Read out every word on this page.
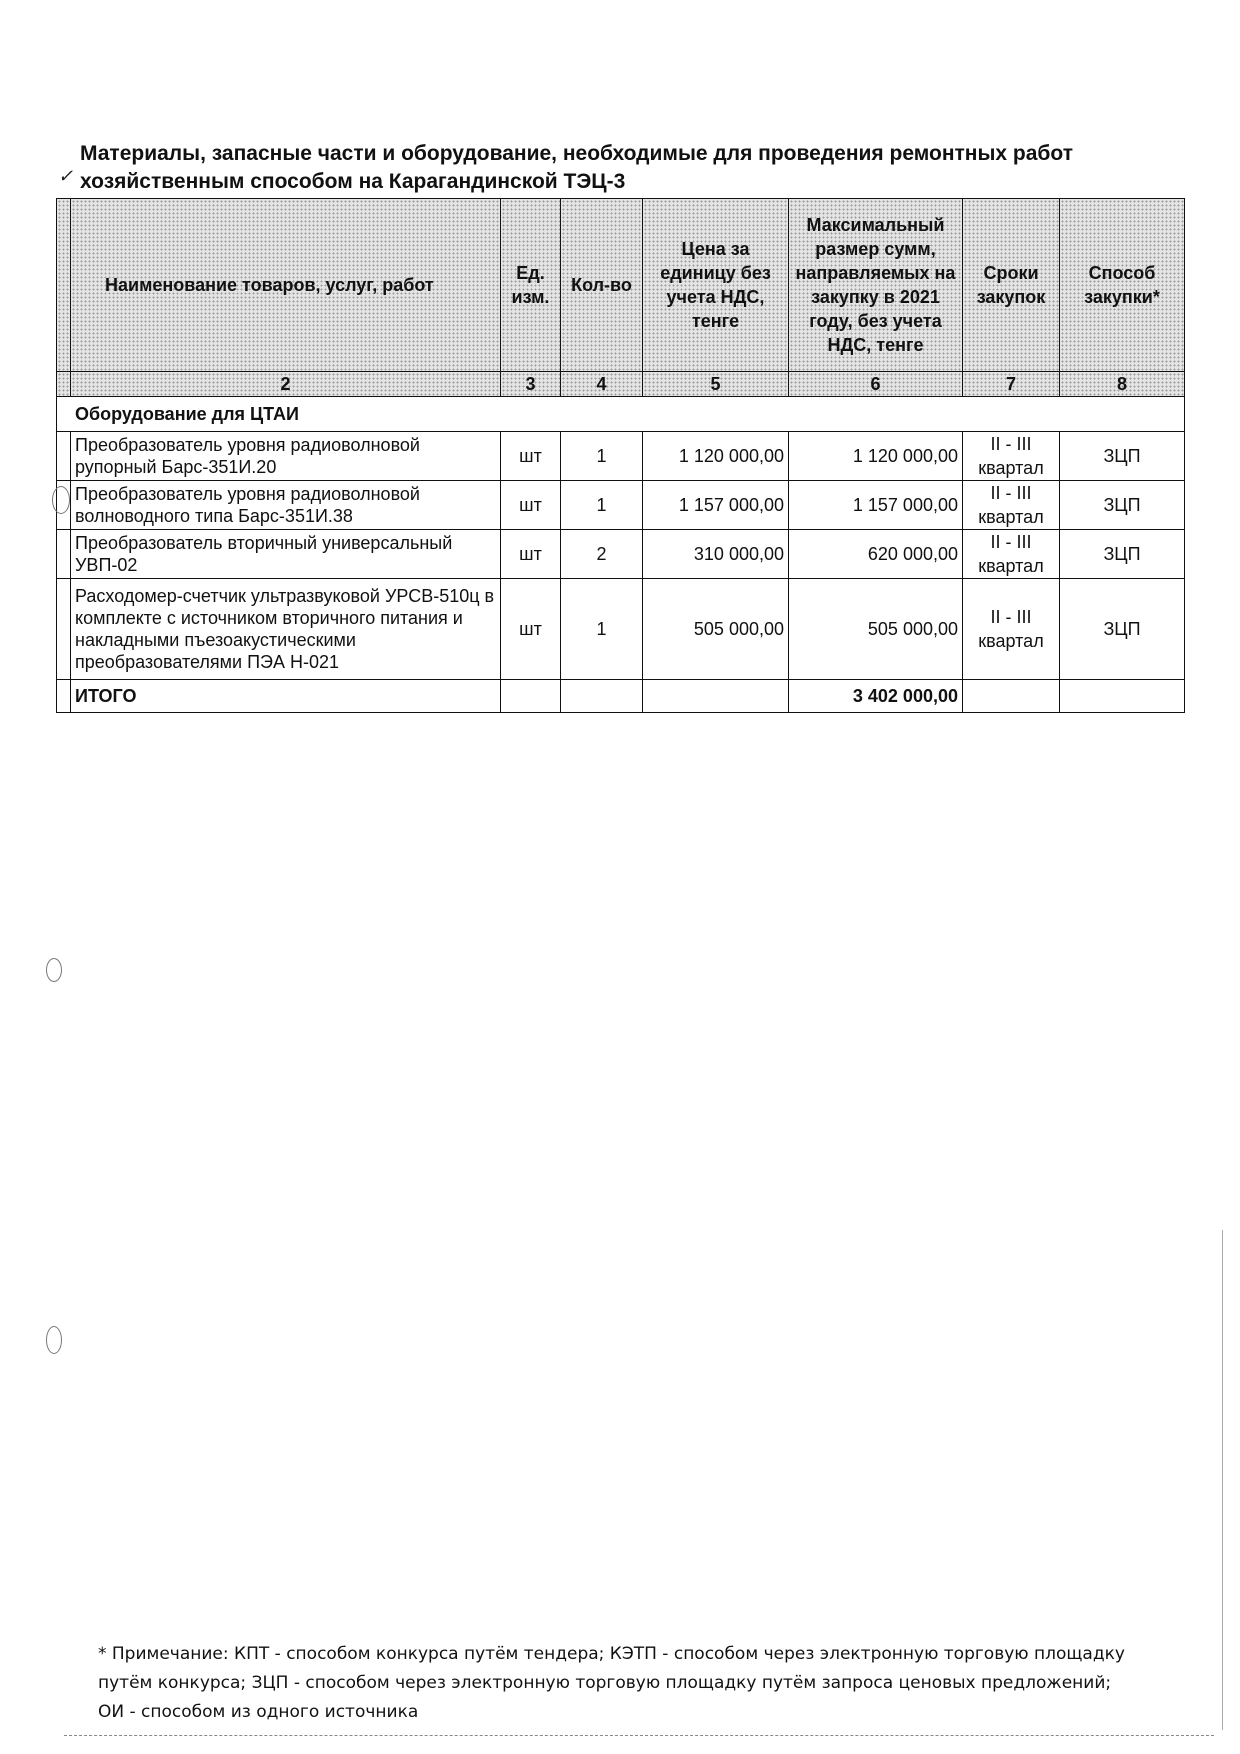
✓
Материалы, запасные части и оборудование, необходимые для проведения ремонтных работ хозяйственным способом на Карагандинской ТЭЦ-3
	Наименование товаров, услуг, работ	Ед. изм.	Кол-во	Цена за единицу без учета НДС, тенге	Максимальный размер сумм, направляемых на закупку в 2021 году, без учета НДС, тенге	Сроки закупок	Способ закупки*
	2	3	4	5	6	7	8
Оборудование для ЦТАИ							
	Преобразователь уровня радиоволновой рупорный Барс-351И.20	шт	1	1 120 000,00	1 120 000,00	II - III квартал	ЗЦП
	Преобразователь уровня радиоволновой волноводного типа Барс-351И.38	шт	1	1 157 000,00	1 157 000,00	II - III квартал	ЗЦП
	Преобразователь вторичный универсальный УВП-02	шт	2	310 000,00	620 000,00	II - III квартал	ЗЦП
	Расходомер-счетчик ультразвуковой УРСВ-510ц в комплекте с источником вторичного питания и накладными пъезоакустическими преобразователями ПЭА Н-021	шт	1	505 000,00	505 000,00	II - III квартал	ЗЦП
	ИТОГО				3 402 000,00		
* Примечание: КПТ - способом конкурса путём тендера; КЭТП - способом через электронную торговую площадку путём конкурса; ЗЦП - способом через электронную торговую площадку путём запроса ценовых предложений; ОИ - способом из одного источника
